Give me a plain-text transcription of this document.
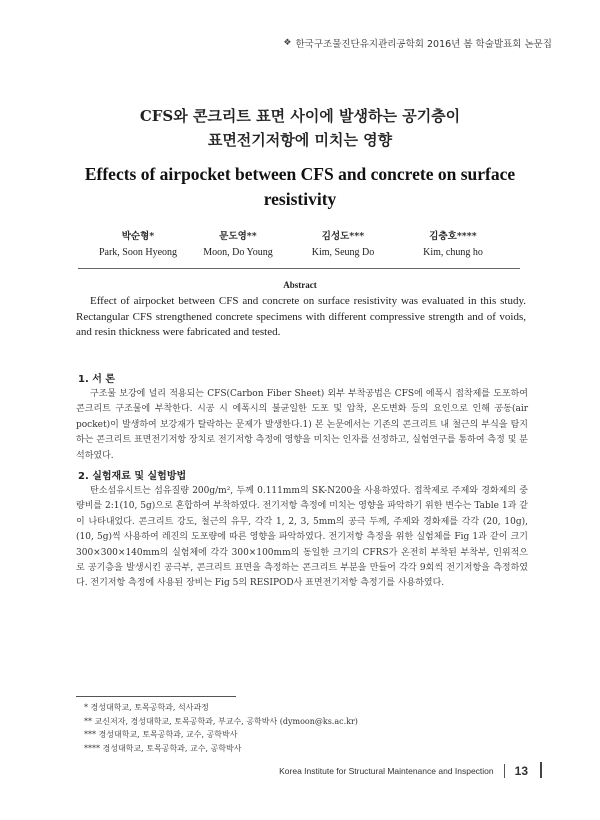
❖ 한국구조물진단유지관리공학회 2016년 봄 학술발표회 논문집
CFS와 콘크리트 표면 사이에 발생하는 공기층이
표면전기저항에 미치는 영향
Effects of airpocket between CFS and concrete on surface
resistivity
박순형*
Park, Soon Hyeong
문도영**
Moon, Do Young
김성도***
Kim, Seung Do
김충호****
Kim, chung ho
Abstract
Effect of airpocket between CFS and concrete on surface resistivity was evaluated in this study. Rectangular CFS strengthened concrete specimens with different compressive strength and of voids, and resin thickness were fabricated and tested.
1. 서 론
구조물 보강에 널리 적용되는 CFS(Carbon Fiber Sheet) 외부 부착공법은 CFS에 에폭시 접착제를 도포하여 콘크리트 구조물에 부착한다. 시공 시 에폭시의 불균일한 도포 및 압착, 온도변화 등의 요인으로 인해 공동(air pocket)이 발생하여 보강재가 탈락하는 문제가 발생한다.1) 본 논문에서는 기존의 콘크리트 내 철근의 부식을 탐지하는 콘크리트 표면전기저항 장치로 전기저항 측정에 영향을 미치는 인자를 선정하고, 실험연구를 통하여 측정 및 분석하였다.
2. 실험재료 및 실험방법
탄소섬유시트는 섬유질량 200g/m², 두께 0.111mm의 SK-N200을 사용하였다. 접착제로 주제와 경화제의 중량비를 2:1(10, 5g)으로 혼합하여 부착하였다. 전기저항 측정에 미치는 영향을 파악하기 위한 변수는 Table 1과 같이 나타내었다. 콘크리트 강도, 철근의 유무, 각각 1, 2, 3, 5mm의 공극 두께, 주제와 경화제를 각각 (20, 10g), (10, 5g)씩 사용하여 레진의 도포량에 따른 영향을 파악하였다. 전기저항 측정을 위한 실험체를 Fig 1과 같이 크기 300×300×140mm의 실험체에 각각 300×100mm의 동일한 크기의 CFRS가 온전히 부착된 부착부, 인위적으로 공기층을 발생시킨 공극부, 콘크리트 표면을 측정하는 콘크리트 부분을 만들어 각각 9회씩 전기저항을 측정하였다. 전기저항 측정에 사용된 장비는 Fig 5의 RESIPOD사 표면전기저항 측정기를 사용하였다.
* 경성대학교, 토목공학과, 석사과정
** 교신저자, 경성대학교, 토목공학과, 부교수, 공학박사 (dymoon@ks.ac.kr)
*** 경성대학교, 토목공학과, 교수, 공학박사
**** 경성대학교, 토목공학과, 교수, 공학박사
Korea Institute for Structural Maintenance and Inspection 13
